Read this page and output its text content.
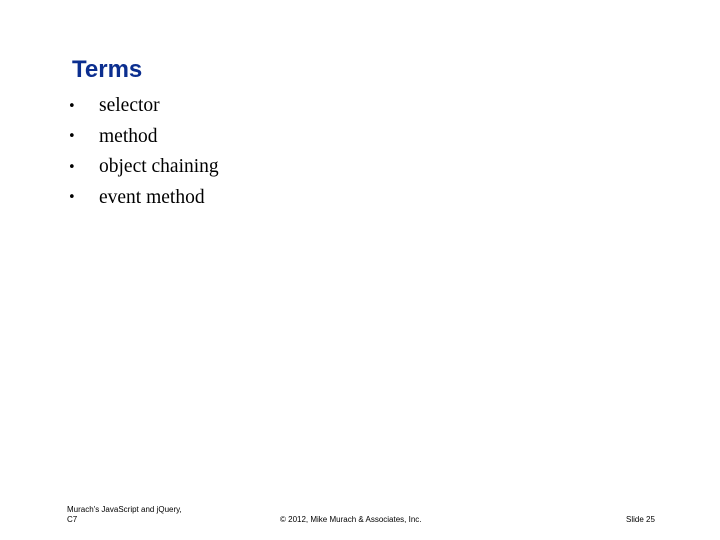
Terms
•	selector
•	method
•	object chaining
•	event method
Murach's JavaScript and jQuery,
C7	© 2012, Mike Murach & Associates, Inc.	Slide 25
